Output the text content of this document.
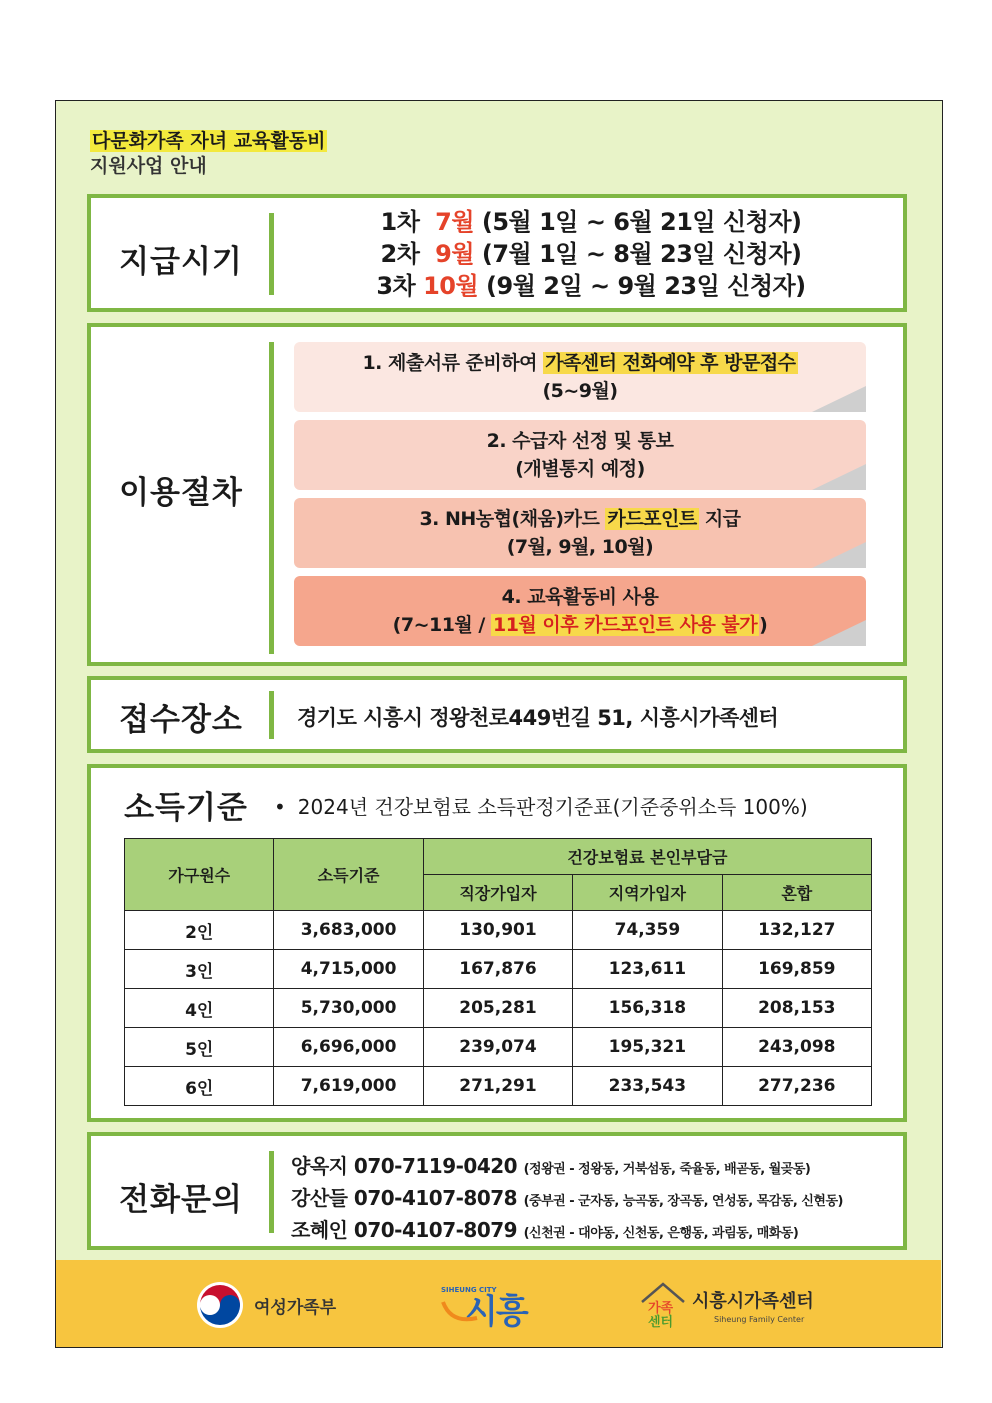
다문화가족 자녀 교육활동비
지원사업 안내
지급시기
1차 7월 (5월 1일 ~ 6월 21일 신청자)
2차 9월 (7월 1일 ~ 8월 23일 신청자)
3차 10월 (9월 2일 ~ 9월 23일 신청자)
이용절차
1. 제출서류 준비하여 가족센터 전화예약 후 방문접수
(5~9월)
2. 수급자 선정 및 통보
(개별통지 예정)
3. NH농협(채움)카드 카드포인트 지급
(7월, 9월, 10월)
4. 교육활동비 사용
(7~11월 / 11월 이후 카드포인트 사용 불가 )
접수장소	경기도 시흥시 정왕천로449번길 51, 시흥시가족센터
소득기준	• 2024년 건강보험료 소득판정기준표(기준중위소득 100%)
가구원수	소득기준	건강보험료 본인부담금		
		직장가입자	지역가입자	혼합
2인	3,683,000	130,901	74,359	132,127
3인	4,715,000	167,876	123,611	169,859
4인	5,730,000	205,281	156,318	208,153
5인	6,696,000	239,074	195,321	243,098
6인	7,619,000	271,291	233,543	277,236
전화문의
양옥지 070-7119-0420 (정왕권 - 정왕동, 거북섬동, 죽율동, 배곧동, 월곶동)
강산들 070-4107-8078 (중부권 - 군자동, 능곡동, 장곡동, 연성동, 목감동, 신현동)
조혜인 070-4107-8079 (신천권 - 대야동, 신천동, 은행동, 과림동, 매화동)
여성가족부
SIHEUNG CITY
시흥	가족
센터
시흥시가족센터
Siheung Family Center
